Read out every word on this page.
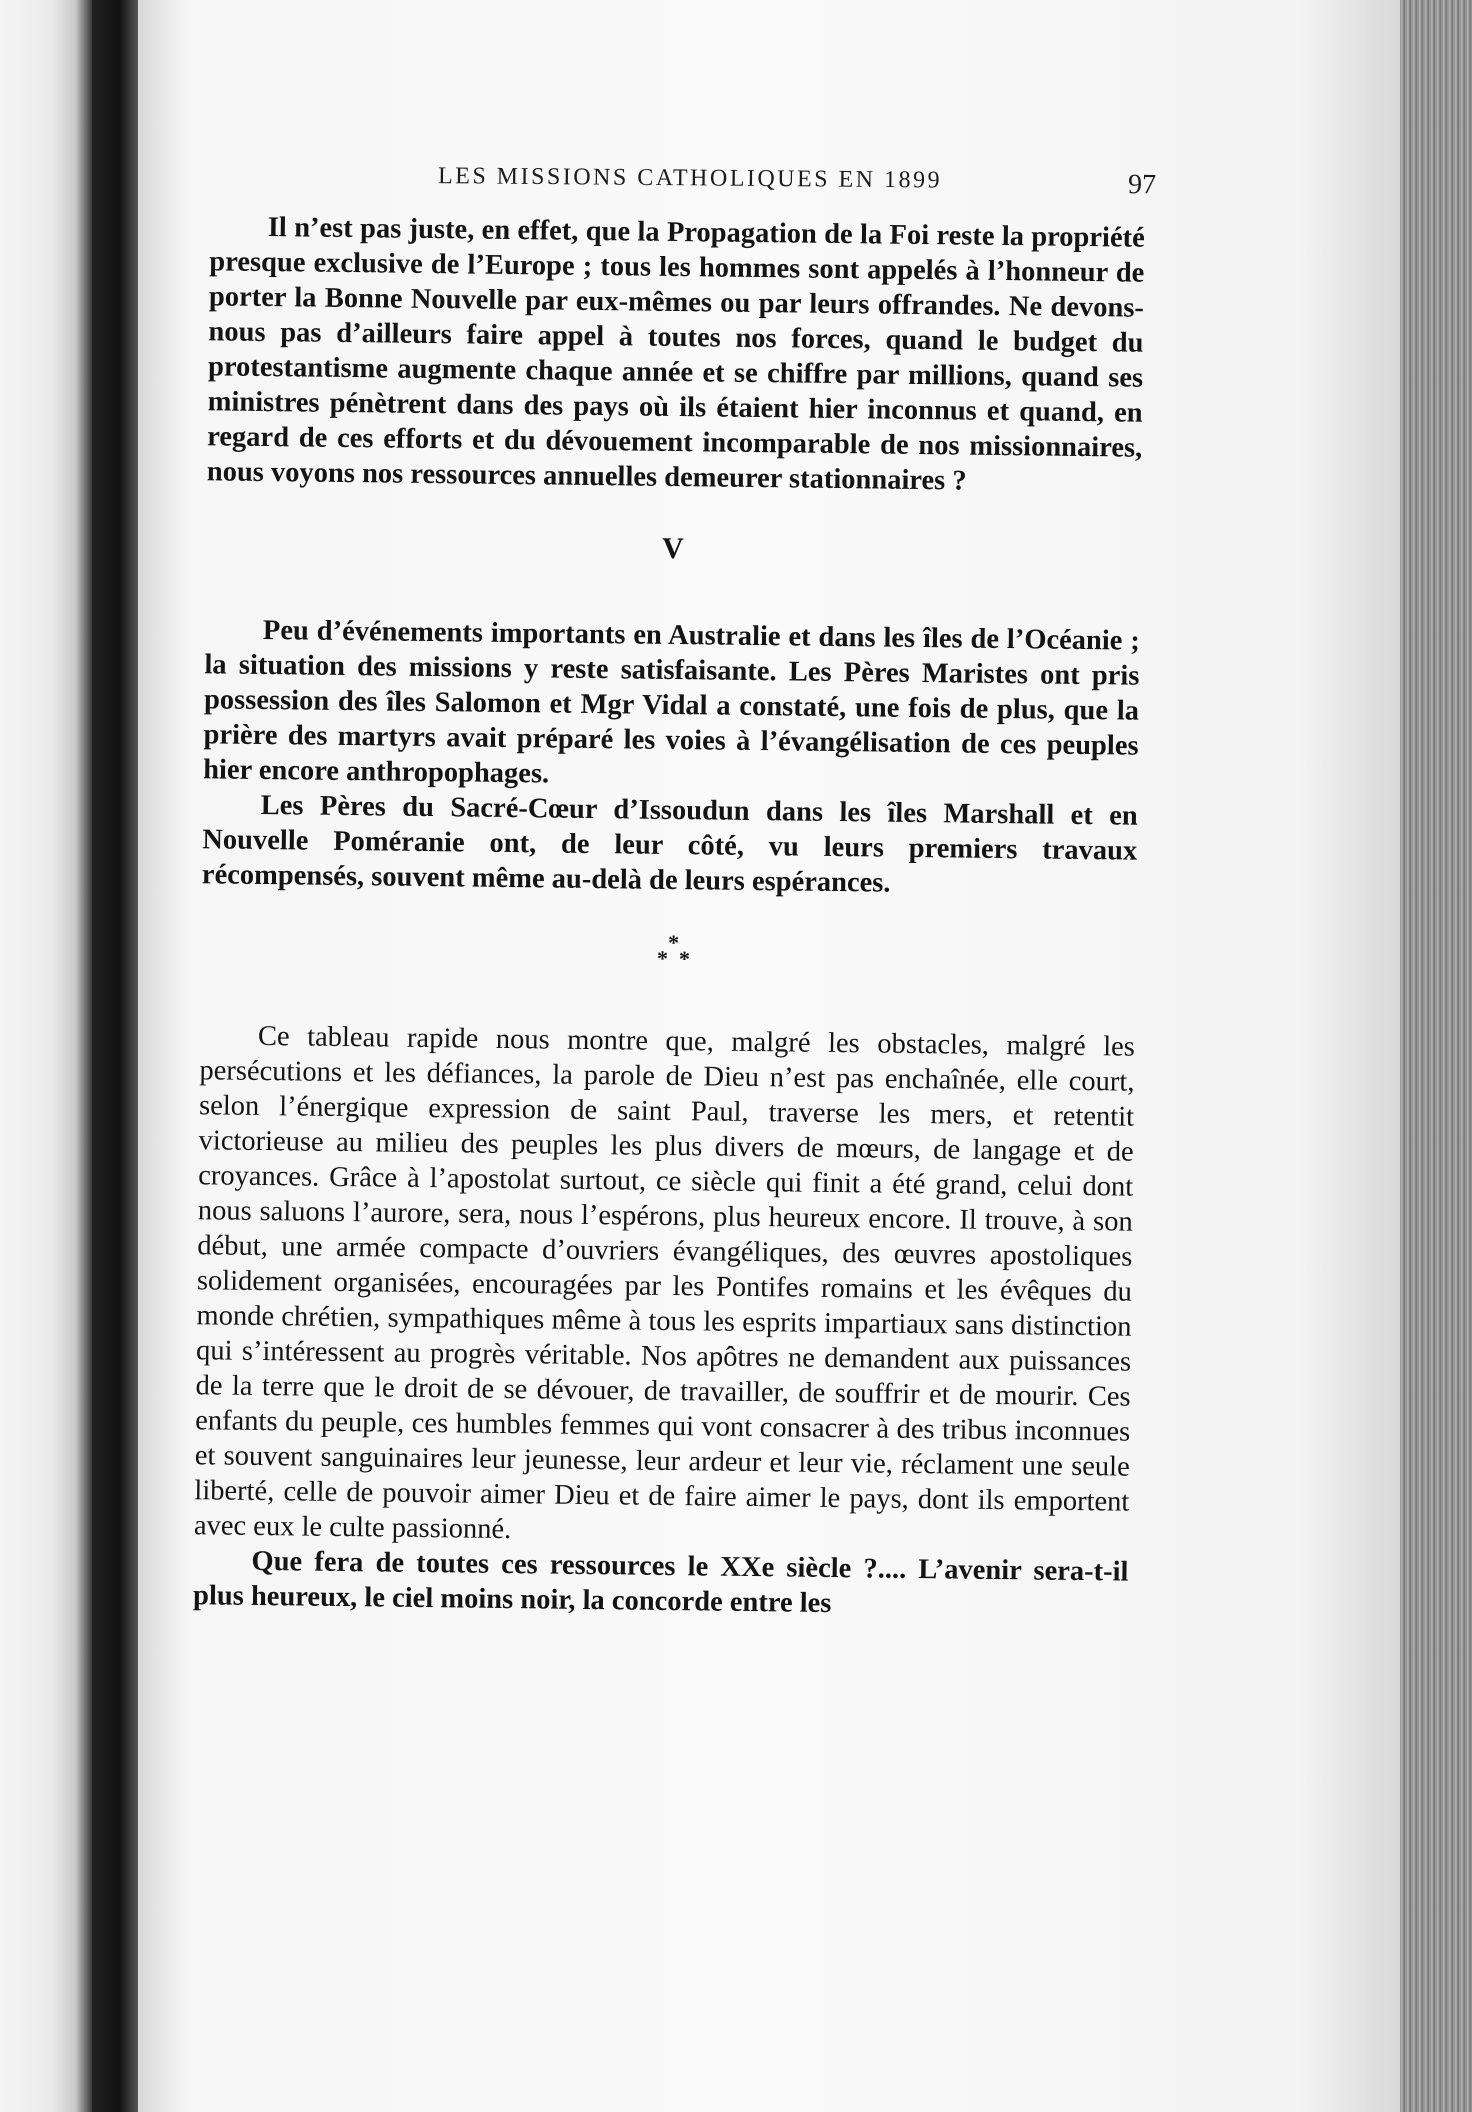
LES MISSIONS CATHOLIQUES EN 1899	97

Il n’est pas juste, en effet, que la Propagation de la Foi reste la propriété presque exclusive de l’Europe ; tous les hommes sont appelés à l’honneur de porter la Bonne Nouvelle par eux-mêmes ou par leurs offrandes. Ne devons-nous pas d’ailleurs faire appel à toutes nos forces, quand le budget du protestantisme augmente chaque année et se chiffre par millions, quand ses ministres pénètrent dans des pays où ils étaient hier inconnus et quand, en regard de ces efforts et du dévouement incomparable de nos missionnaires, nous voyons nos ressources annuelles demeurer stationnaires ?

V

Peu d’événements importants en Australie et dans les îles de l’Océanie ; la situation des missions y reste satisfaisante. Les Pères Maristes ont pris possession des îles Salomon et Mgr Vidal a constaté, une fois de plus, que la prière des martyrs avait préparé les voies à l’évangélisation de ces peuples hier encore anthropophages.

Les Pères du Sacré-Cœur d’Issoudun dans les îles Marshall et en Nouvelle Poméranie ont, de leur côté, vu leurs premiers travaux récompensés, souvent même au-delà de leurs espérances.

*
* *

Ce tableau rapide nous montre que, malgré les obstacles, malgré les persécutions et les défiances, la parole de Dieu n’est pas enchaînée, elle court, selon l’énergique expression de saint Paul, traverse les mers, et retentit victorieuse au milieu des peuples les plus divers de mœurs, de langage et de croyances. Grâce à l’apostolat surtout, ce siècle qui finit a été grand, celui dont nous saluons l’aurore, sera, nous l’espérons, plus heureux encore. Il trouve, à son début, une armée compacte d’ouvriers évangéliques, des œuvres apostoliques solidement organisées, encouragées par les Pontifes romains et les évêques du monde chrétien, sympathiques même à tous les esprits impartiaux sans distinction qui s’intéressent au progrès véritable. Nos apôtres ne demandent aux puissances de la terre que le droit de se dévouer, de travailler, de souffrir et de mourir. Ces enfants du peuple, ces humbles femmes qui vont consacrer à des tribus inconnues et souvent sanguinaires leur jeunesse, leur ardeur et leur vie, réclament une seule liberté, celle de pouvoir aimer Dieu et de faire aimer le pays, dont ils emportent avec eux le culte passionné.

Que fera de toutes ces ressources le XXe siècle ?.... L’avenir sera-t-il plus heureux, le ciel moins noir, la concorde entre les
